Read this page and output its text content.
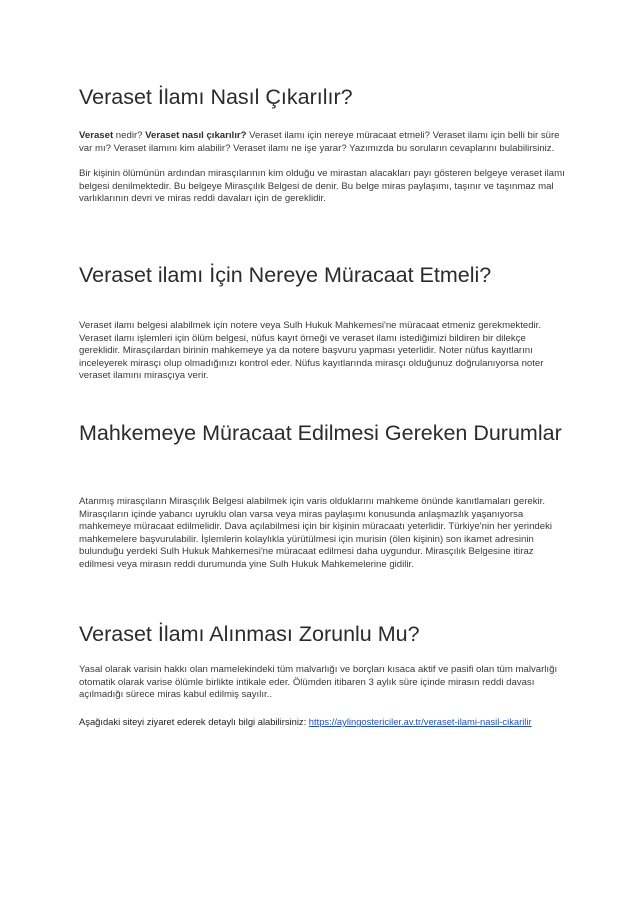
Veraset İlamı Nasıl Çıkarılır?

Veraset nedir? Veraset nasıl çıkarılır? Veraset ilamı için nereye müracaat etmeli? Veraset ilamı için belli bir süre var mı? Veraset ilamını kim alabilir? Veraset ilamı ne işe yarar? Yazımızda bu soruların cevaplarını bulabilirsiniz.

Bir kişinin ölümünün ardından mirasçılarının kim olduğu ve mirastan alacakları payı gösteren belgeye veraset ilamı belgesi denilmektedir. Bu belgeye Mirasçılık Belgesi de denir. Bu belge miras paylaşımı, taşınır ve taşınmaz mal varlıklarının devri ve miras reddi davaları için de gereklidir.

Veraset ilamı İçin Nereye Müracaat Etmeli?

Veraset ilamı belgesi alabilmek için notere veya Sulh Hukuk Mahkemesi'ne müracaat etmeniz gerekmektedir. Veraset ilamı işlemleri için ölüm belgesi, nüfus kayıt örneği ve veraset ilamı istediğimizi bildiren bir dilekçe gereklidir. Mirasçılardan birinin mahkemeye ya da notere başvuru yapması yeterlidir. Noter nüfus kayıtlarını inceleyerek mirasçı olup olmadığınızı kontrol eder. Nüfus kayıtlarında mirasçı olduğunuz doğrulanıyorsa noter veraset ilamını mirasçıya verir.

Mahkemeye Müracaat Edilmesi Gereken Durumlar

Atanmış mirasçıların Mirasçılık Belgesi alabilmek için varis olduklarını mahkeme önünde kanıtlamaları gerekir. Mirasçıların içinde yabancı uyruklu olan varsa veya miras paylaşımı konusunda anlaşmazlık yaşanıyorsa mahkemeye müracaat edilmelidir. Dava açılabilmesi için bir kişinin müracaatı yeterlidir. Türkiye'nin her yerindeki mahkemelere başvurulabilir. İşlemlerin kolaylıkla yürütülmesi için murisin (ölen kişinin) son ikamet adresinin bulunduğu yerdeki Sulh Hukuk Mahkemesi'ne müracaat edilmesi daha uygundur. Mirasçılık Belgesine itiraz edilmesi veya mirasın reddi durumunda yine Sulh Hukuk Mahkemelerine gidilir.

Veraset İlamı Alınması Zorunlu Mu?

Yasal olarak varisin hakkı olan mamelekindeki tüm malvarlığı ve borçları kısaca aktif ve pasifi olan tüm malvarlığı otomatik olarak varise ölümle birlikte intikale eder. Ölümden itibaren 3 aylık süre içinde mirasın reddi davası açılmadığı sürece miras kabul edilmiş sayılır..

Aşağıdaki siteyi ziyaret ederek detaylı bilgi alabilirsiniz: https://aylingostericiler.av.tr/veraset-ilami-nasil-cikarilir
